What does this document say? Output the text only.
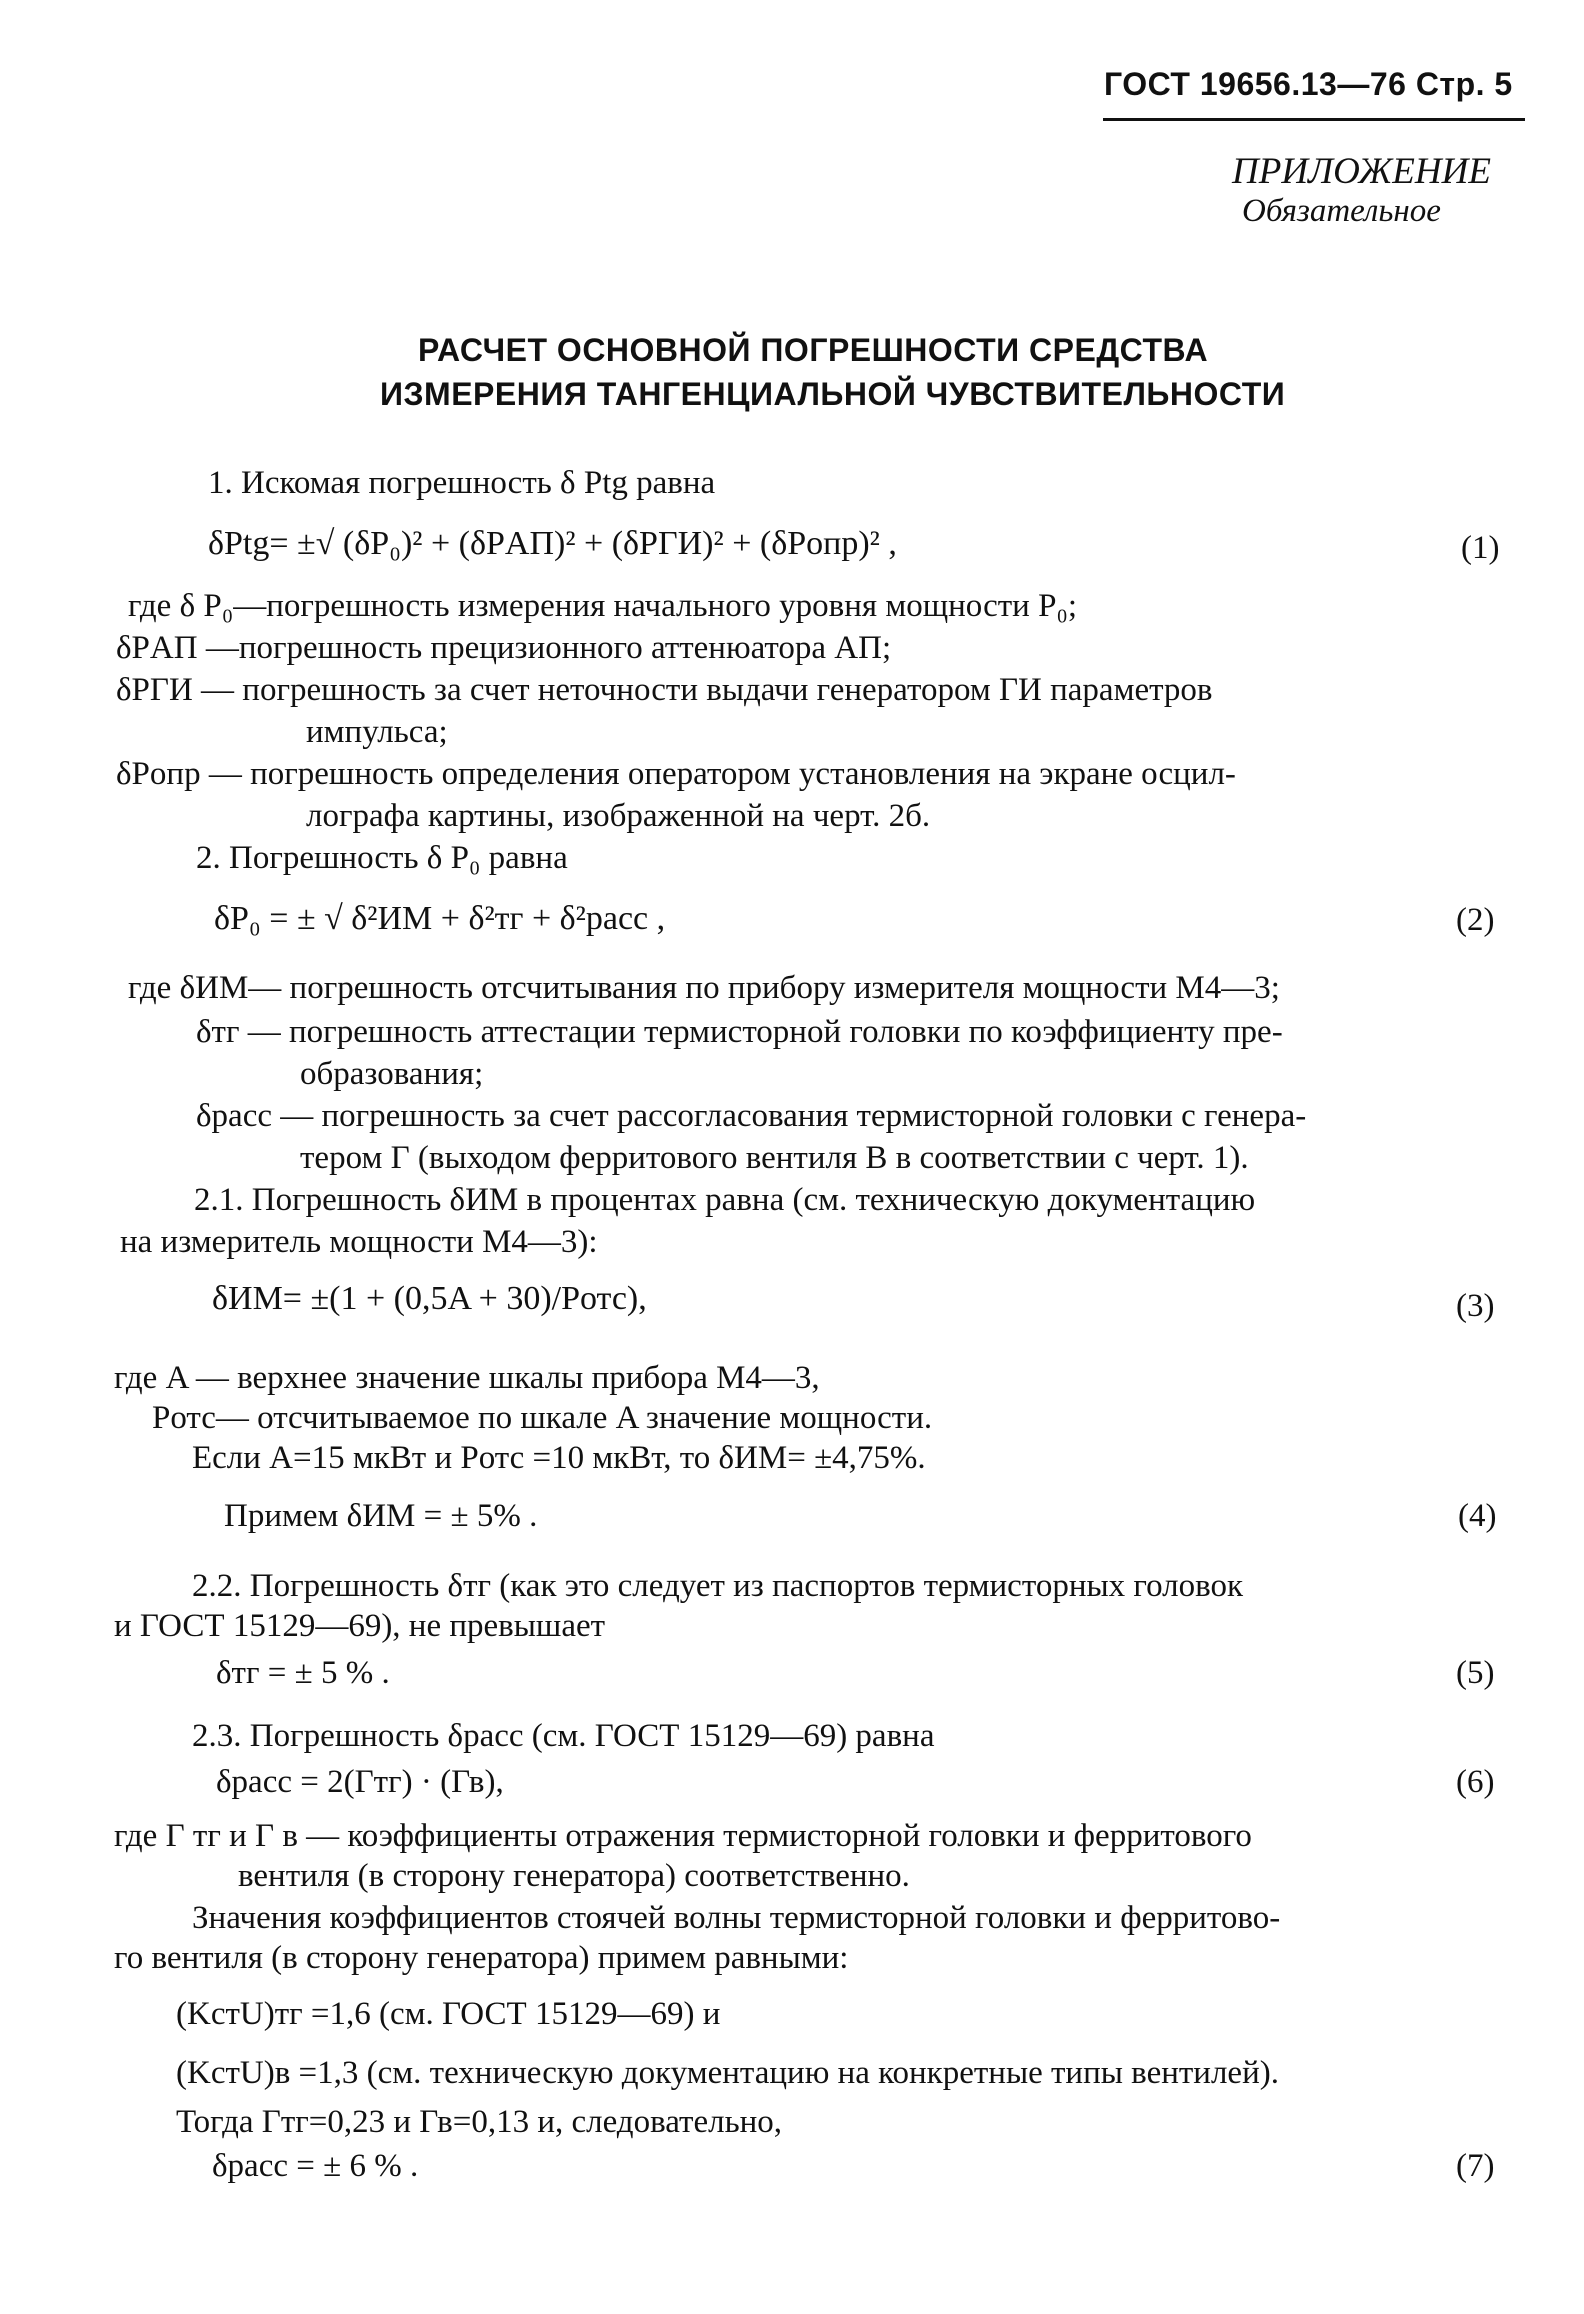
ГОСТ 19656.13—76 Стр. 5
ПРИЛОЖЕНИЕ
Обязательное
РАСЧЕТ ОСНОВНОЙ ПОГРЕШНОСТИ СРЕДСТВА
ИЗМЕРЕНИЯ ТАНГЕНЦИАЛЬНОЙ ЧУВСТВИТЕЛЬНОСТИ
1. Искомая погрешность δ Ptg равна
δPtg= ±√ (δP₀)² + (δPАП)² + (δPГИ)² + (δPопр)² ,	(1)
где δ P₀—погрешность измерения начального уровня мощности P₀;
δPАП —погрешность прецизионного аттенюатора АП;
δPГИ — погрешность за счет неточности выдачи генератором ГИ параметров
импульса;
δPопр — погрешность определения оператором установления на экране осцил-
лографа картины, изображенной на черт. 2б.
2. Погрешность δ P₀ равна
δP₀ = ± √ δ²ИМ + δ²тг + δ²расс ,	(2)
где δИМ— погрешность отсчитывания по прибору измерителя мощности М4—3;
δтг — погрешность аттестации термисторной головки по коэффициенту пре-
образования;
δрасс — погрешность за счет рассогласования термисторной головки с генера-
тером Г (выходом ферритового вентиля В в соответствии с черт. 1).
2.1. Погрешность δИМ в процентах равна (см. техническую документацию
на измеритель мощности М4—3):
δИМ= ±(1 + (0,5A + 30)/Pотс),	(3)
где A — верхнее значение шкалы прибора М4—3,
Pотс— отсчитываемое по шкале A значение мощности.
Если A=15 мкВт и Pотс =10 мкВт, то δИМ= ±4,75%.
Примем δИМ = ± 5% .	(4)
2.2. Погрешность δтг (как это следует из паспортов термисторных головок
и ГОСТ 15129—69), не превышает
δтг = ± 5 % .	(5)
2.3. Погрешность δрасс (см. ГОСТ 15129—69) равна
δрасс = 2(Гтг) · (Гв),	(6)
где Г тг и Г в — коэффициенты отражения термисторной головки и ферритового
вентиля (в сторону генератора) соответственно.
Значения коэффициентов стоячей волны термисторной головки и ферритово-
го вентиля (в сторону генератора) примем равными:
(KстU)тг =1,6 (см. ГОСТ 15129—69) и
(KстU)в =1,3 (см. техническую документацию на конкретные типы вентилей).
Тогда Гтг=0,23 и Гв=0,13 и, следовательно,
δрасс = ± 6 % .	(7)
